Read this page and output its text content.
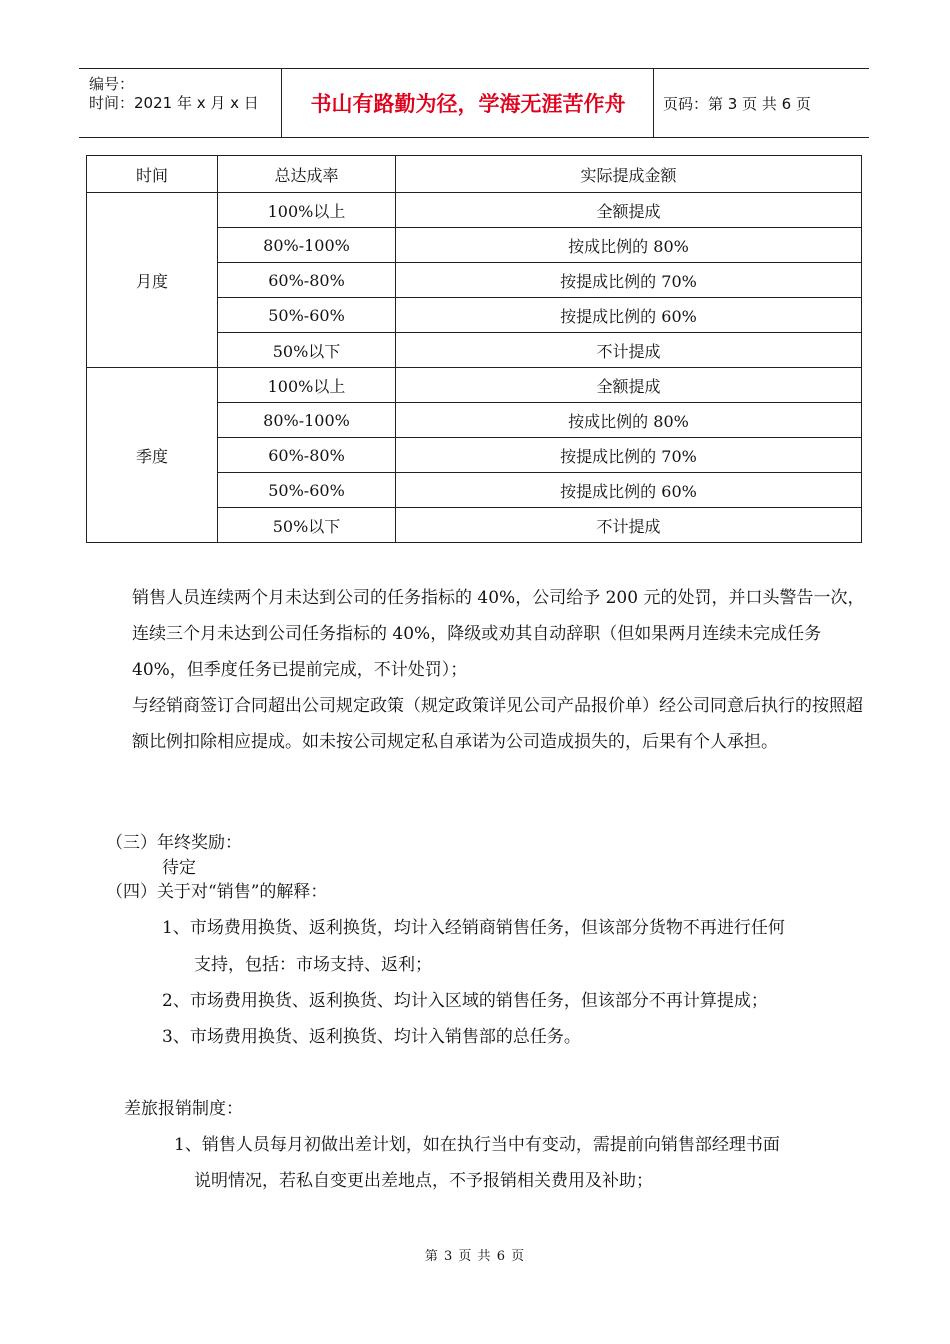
编号：
时间：2021 年 x 月 x 日	书山有路勤为径，学海无涯苦作舟	页码：第 3 页 共 6 页
时间	总达成率	实际提成金额
月度	100%以上	全额提成
	80%-100%	按成比例的 80%
	60%-80%	按提成比例的 70%
	50%-60%	按提成比例的 60%
	50%以下	不计提成
季度	100%以上	全额提成
	80%-100%	按成比例的 80%
	60%-80%	按提成比例的 70%
	50%-60%	按提成比例的 60%
	50%以下	不计提成
销售人员连续两个月未达到公司的任务指标的 40%，公司给予 200 元的处罚，并口头警告一次，连续三个月未达到公司任务指标的 40%，降级或劝其自动辞职（但如果两月连续未完成任务 40%，但季度任务已提前完成，不计处罚）；
与经销商签订合同超出公司规定政策（规定政策详见公司产品报价单）经公司同意后执行的按照超额比例扣除相应提成。如未按公司规定私自承诺为公司造成损失的，后果有个人承担。
（三）年终奖励：
待定
（四）关于对“销售”的解释：
1、市场费用换货、返利换货，均计入经销商销售任务，但该部分货物不再进行任何
支持，包括：市场支持、返利；
2、市场费用换货、返利换货、均计入区域的销售任务，但该部分不再计算提成；
3、市场费用换货、返利换货、均计入销售部的总任务。
差旅报销制度：
1、销售人员每月初做出差计划，如在执行当中有变动，需提前向销售部经理书面
说明情况，若私自变更出差地点，不予报销相关费用及补助；
第 3 页 共 6 页
